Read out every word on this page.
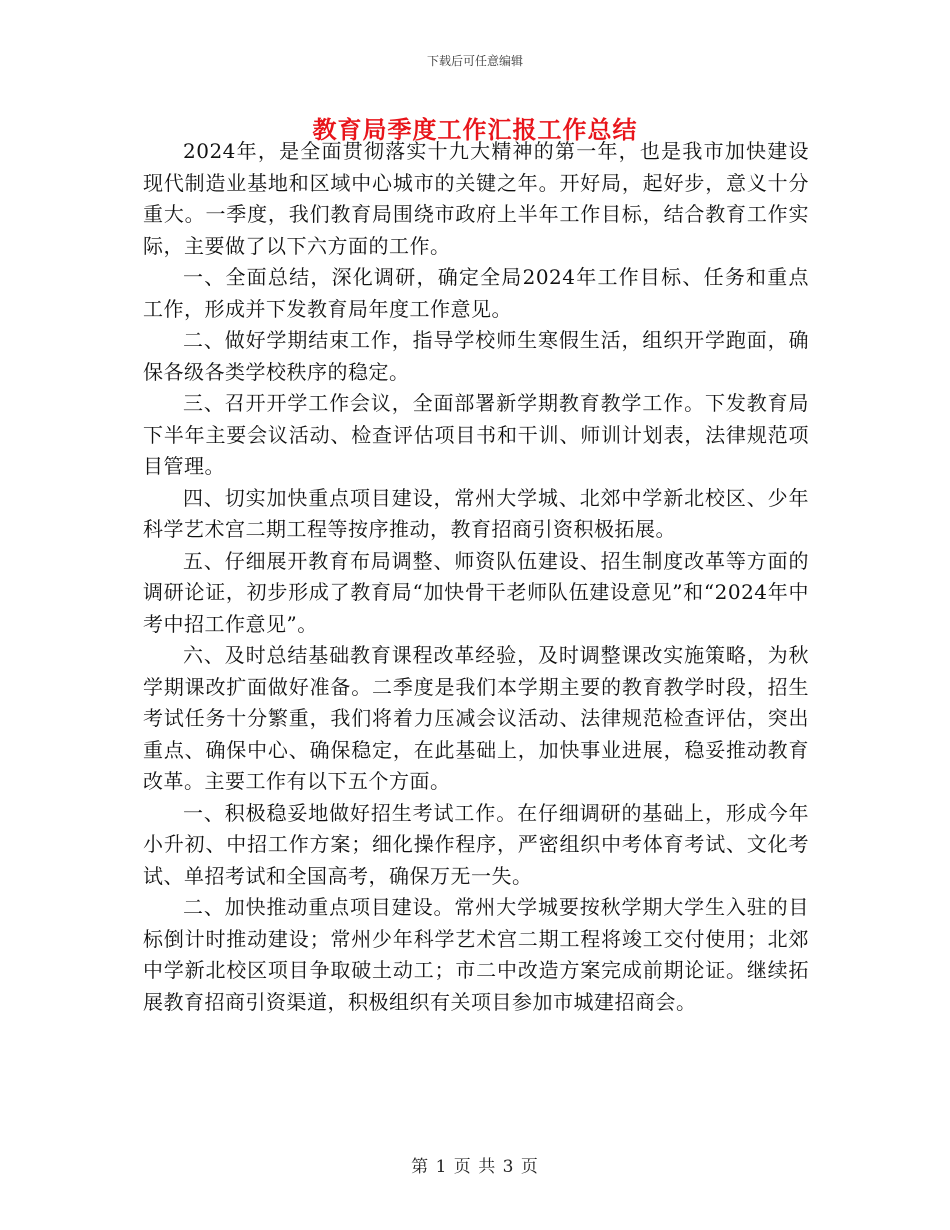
下载后可任意编辑
教育局季度工作汇报工作总结

2024年，是全面贯彻落实十九大精神的第一年，也是我市加快建设现代制造业基地和区域中心城市的关键之年。开好局，起好步，意义十分重大。一季度，我们教育局围绕市政府上半年工作目标，结合教育工作实际，主要做了以下六方面的工作。

一、全面总结，深化调研，确定全局2024年工作目标、任务和重点工作，形成并下发教育局年度工作意见。

二、做好学期结束工作，指导学校师生寒假生活，组织开学跑面，确保各级各类学校秩序的稳定。

三、召开开学工作会议，全面部署新学期教育教学工作。下发教育局下半年主要会议活动、检查评估项目书和干训、师训计划表，法律规范项目管理。

四、切实加快重点项目建设，常州大学城、北郊中学新北校区、少年科学艺术宫二期工程等按序推动，教育招商引资积极拓展。

五、仔细展开教育布局调整、师资队伍建设、招生制度改革等方面的调研论证，初步形成了教育局“加快骨干老师队伍建设意见”和“2024年中考中招工作意见”。

六、及时总结基础教育课程改革经验，及时调整课改实施策略，为秋学期课改扩面做好准备。二季度是我们本学期主要的教育教学时段，招生考试任务十分繁重，我们将着力压减会议活动、法律规范检查评估，突出重点、确保中心、确保稳定，在此基础上，加快事业进展，稳妥推动教育改革。主要工作有以下五个方面。

一、积极稳妥地做好招生考试工作。在仔细调研的基础上，形成今年小升初、中招工作方案；细化操作程序，严密组织中考体育考试、文化考试、单招考试和全国高考，确保万无一失。

二、加快推动重点项目建设。常州大学城要按秋学期大学生入驻的目标倒计时推动建设；常州少年科学艺术宫二期工程将竣工交付使用；北郊中学新北校区项目争取破土动工；市二中改造方案完成前期论证。继续拓展教育招商引资渠道，积极组织有关项目参加市城建招商会。

第 1 页 共 3 页
